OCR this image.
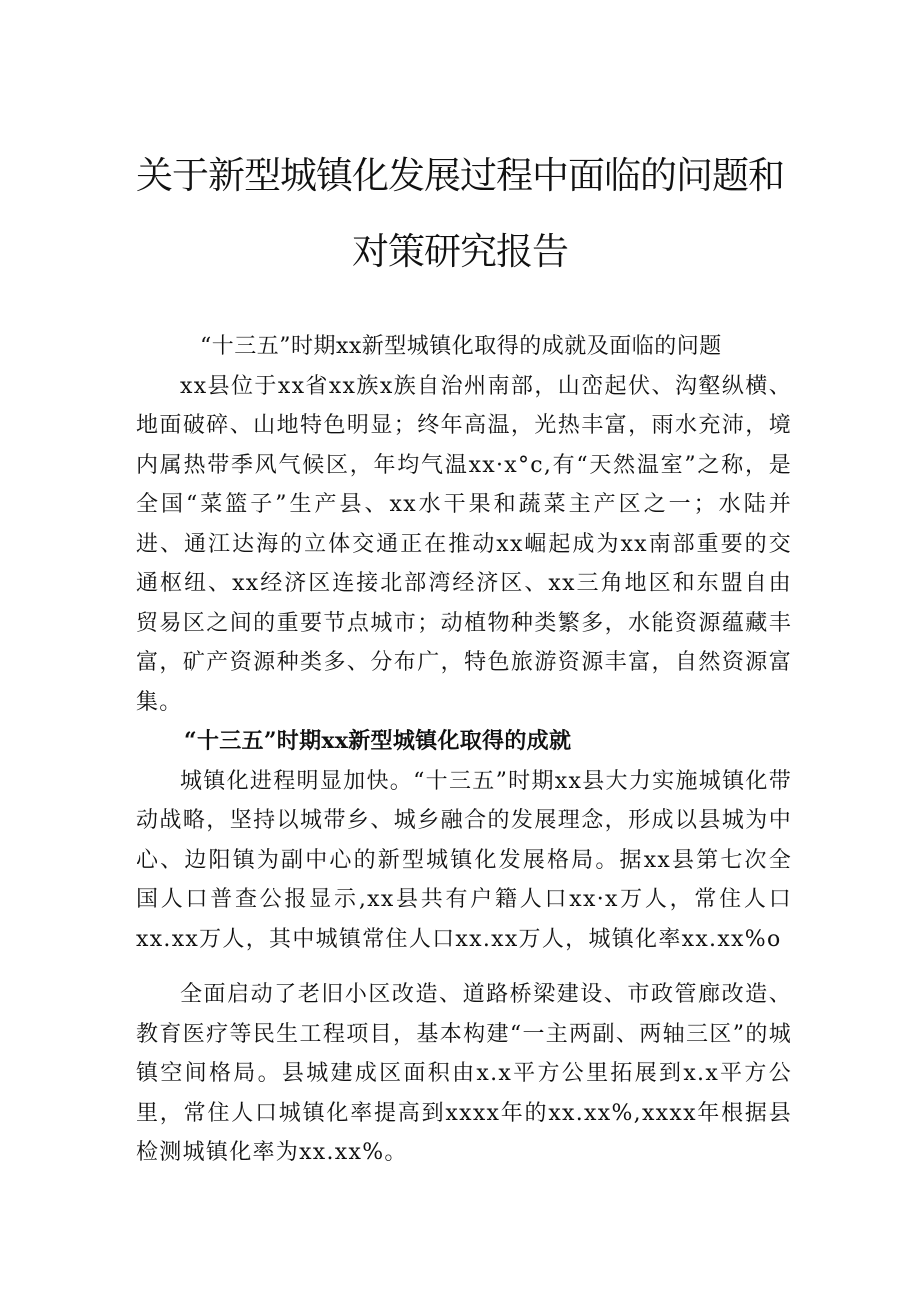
关于新型城镇化发展过程中面临的问题和
对策研究报告

“十三五”时期xx新型城镇化取得的成就及面临的问题

xx县位于xx省xx族x族自治州南部，山峦起伏、沟壑纵横、地面破碎、山地特色明显；终年高温，光热丰富，雨水充沛，境内属热带季风气候区，年均气温xx·x°c,有“天然温室”之称，是全国“菜篮子”生产县、xx水干果和蔬菜主产区之一；水陆并进、通江达海的立体交通正在推动xx崛起成为xx南部重要的交通枢纽、xx经济区连接北部湾经济区、xx三角地区和东盟自由贸易区之间的重要节点城市；动植物种类繁多，水能资源蕴藏丰富，矿产资源种类多、分布广，特色旅游资源丰富，自然资源富集。

“十三五”时期xx新型城镇化取得的成就

城镇化进程明显加快。“十三五”时期xx县大力实施城镇化带动战略，坚持以城带乡、城乡融合的发展理念，形成以县城为中心、边阳镇为副中心的新型城镇化发展格局。据xx县第七次全国人口普查公报显示,xx县共有户籍人口xx·x万人，常住人口xx.xx万人，其中城镇常住人口xx.xx万人，城镇化率xx.xx%o

全面启动了老旧小区改造、道路桥梁建设、市政管廊改造、教育医疗等民生工程项目，基本构建“一主两副、两轴三区”的城镇空间格局。县城建成区面积由x.x平方公里拓展到x.x平方公里，常住人口城镇化率提高到xxxx年的xx.xx%,xxxx年根据县检测城镇化率为xx.xx%。
